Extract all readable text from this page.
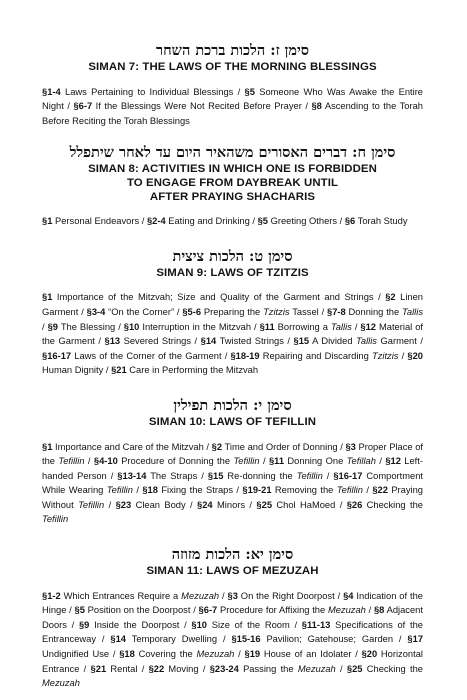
סימן ז: הלכות ברכת השחר

SIMAN 7: THE LAWS OF THE MORNING BLESSINGS

§1-4 Laws Pertaining to Individual Blessings / §5 Someone Who Was Awake the Entire Night / §6-7 If the Blessings Were Not Recited Before Prayer / §8 Ascending to the Torah Before Reciting the Torah Blessings

סימן ח: דברים האסורים משהאיר היום עד לאחר שיתפלל

SIMAN 8: ACTIVITIES IN WHICH ONE IS FORBIDDEN
TO ENGAGE FROM DAYBREAK UNTIL
AFTER PRAYING SHACHARIS

§1 Personal Endeavors / §2-4 Eating and Drinking / §5 Greeting Others / §6 Torah Study

סימן ט: הלכות ציצית

SIMAN 9: LAWS OF TZITZIS

§1 Importance of the Mitzvah; Size and Quality of the Garment and Strings / §2 Linen Garment / §3-4 “On the Corner” / §5-6 Preparing the Tzitzis Tassel / §7-8 Donning the Tallis / §9 The Blessing / §10 Interruption in the Mitzvah / §11 Borrowing a Tallis / §12 Material of the Garment / §13 Severed Strings / §14 Twisted Strings / §15 A Divided Tallis Garment / §16-17 Laws of the Corner of the Garment / §18-19 Repairing and Discarding Tzitzis / §20 Human Dignity / §21 Care in Performing the Mitzvah

סימן י: הלכות תפילין

SIMAN 10: LAWS OF TEFILLIN

§1 Importance and Care of the Mitzvah / §2 Time and Order of Donning / §3 Proper Place of the Tefillin / §4-10 Procedure of Donning the Tefillin / §11 Donning One Tefillah / §12 Left-handed Person / §13-14 The Straps / §15 Re-donning the Tefillin / §16-17 Comportment While Wearing Tefillin / §18 Fixing the Straps / §19-21 Removing the Tefillin / §22 Praying Without Tefillin / §23 Clean Body / §24 Minors / §25 Chol HaMoed / §26 Checking the Tefillin

סימן יא: הלכות מזוזה

SIMAN 11: LAWS OF MEZUZAH

§1-2 Which Entrances Require a Mezuzah / §3 On the Right Doorpost / §4 Indication of the Hinge / §5 Position on the Doorpost / §6-7 Procedure for Affixing the Mezuzah / §8 Adjacent Doors / §9 Inside the Doorpost / §10 Size of the Room / §11-13 Specifications of the Entranceway / §14 Temporary Dwelling / §15-16 Pavilion; Gatehouse; Garden / §17 Undignified Use / §18 Covering the Mezuzah / §19 House of an Idolater / §20 Horizontal Entrance / §21 Rental / §22 Moving / §23-24 Passing the Mezuzah / §25 Checking the Mezuzah
